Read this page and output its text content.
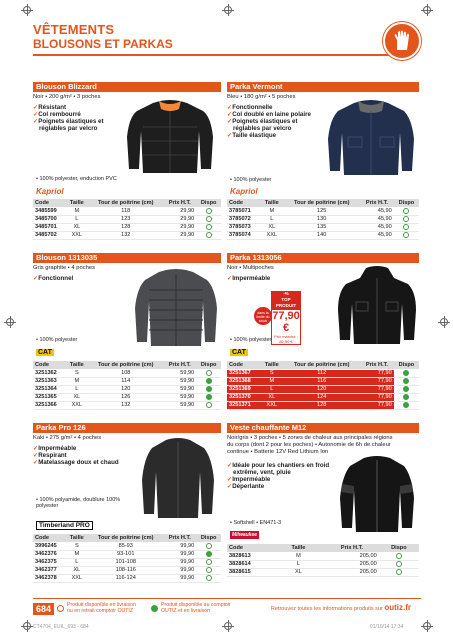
VÊTEMENTS
BLOUSONS ET PARKAS
Blouson Blizzard
Noir • 200 g/m² • 3 poches
✓ Résistant
✓ Col rembourré
✓ Poignets élastiques et
réglables par velcro
• 100% polyester, enduction PVC
Kapriol
Code	Taille	Tour de poitrine (cm)	Prix H.T.	Dispo
3485599	M	118	29,90	
3485700	L	123	29,90	
3485701	XL	128	29,90	
3485702	XXL	132	29,90	
Parka Vermont
Bleu • 180 g/m² • 5 poches
✓ Fonctionnelle
✓ Col doublé en laine polaire
✓ Poignets élastiques et
réglables par velcro
✓ Taille élastique
• 100% polyester
Kapriol
Code	Taille	Tour de poitrine (cm)	Prix H.T.	Dispo
3785071	M	125	45,90	
3785072	L	130	45,90	
3785073	XL	135	45,90	
3785074	XXL	140	45,90	
Blouson 1313035
Gris graphite • 4 poches
✓ Fonctionnel
• 100% polyester
CAT
Code	Taille	Tour de poitrine (cm)	Prix H.T.	Dispo
3251362	S	108	59,90	
3251363	M	114	59,90	
3251364	L	120	59,90	
3251365	XL	126	59,90	
3251366	XXL	132	59,90	
Parka 1313056
Noir • Multipoches
✓ Imperméable
-%
TOP PRODUIT
77,90 €
Prix marché :
82,50 €
dans la limite du stock
• 100% polyester
CAT
Code	Taille	Tour de poitrine (cm)	Prix H.T.	Dispo
3251367	S	112	77,90	
3251368	M	116	77,90	
3251369	L	120	77,90	
3251370	XL	124	77,90	
3251371	XXL	128	77,90	
Parka Pro 126
Kaki • 275 g/m² • 4 poches
✓ Imperméable
✓ Respirant
✓ Matelassage doux et chaud
• 100% polyamide, doublure 100% polyester
Timberland PRO
Code	Taille	Tour de poitrine (cm)	Prix H.T.	Dispo
3996245	S	85-93	99,90	
3462376	M	93-101	99,90	
3462375	L	101-108	99,90	
3462377	XL	108-116	99,90	
3462378	XXL	116-124	99,90	
Veste chauffante M12
Noir/gris • 3 poches • 5 zones de chaleur aux principales régions
du corps (dont 2 pour les poches) • Autonomie de 6h de chaleur
continue • Batterie 12V Red Lithium Ion
✓ Idéale pour les chantiers en froid
extrême, vent, pluie
✓ Imperméable
✓ Déperlante
• Softshell • EN471-3
Milwaukee
Code	Taille		Prix H.T.	Dispo
3828613	M		205,00	
3828614	L		205,00	
3828615	XL		205,00	
684	Produit disponible en livraison
ou en retrait comptoir OUTIZ
Produit disponible au comptoir
OUTIZ et en livraison	Retrouvez toutes les informations produits sur outiz.fr
CT4704_EUIL_693 - 684	01/10/14 17:34
